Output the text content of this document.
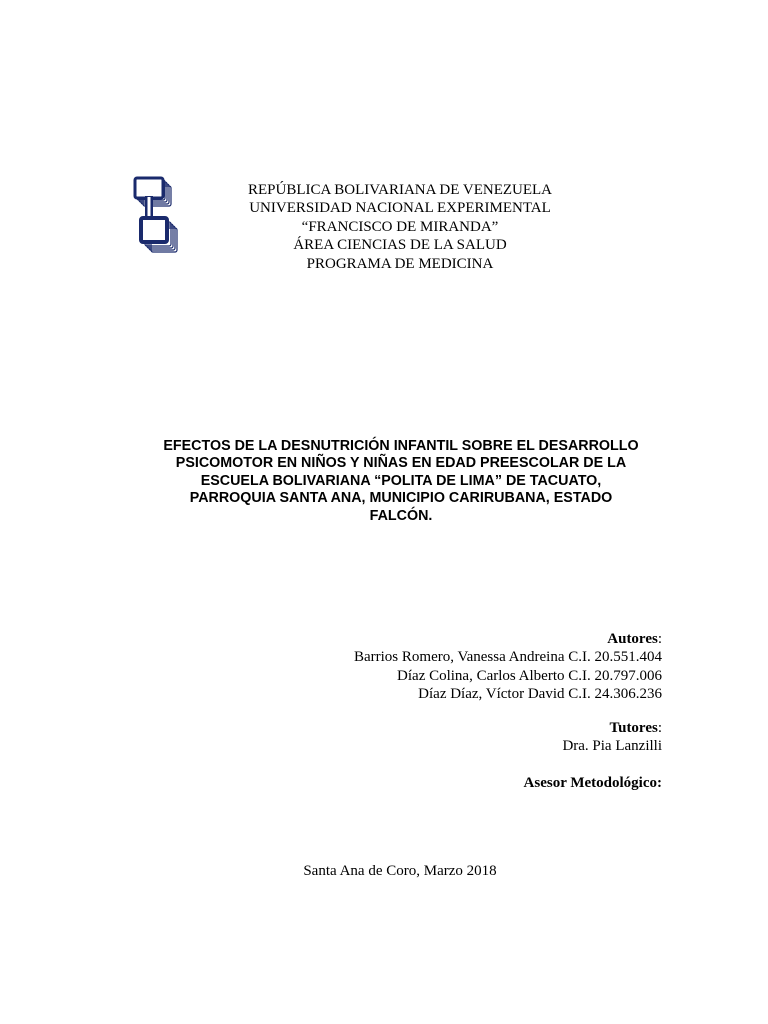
REPÚBLICA BOLIVARIANA DE VENEZUELA
UNIVERSIDAD NACIONAL EXPERIMENTAL
“FRANCISCO DE MIRANDA”
ÁREA CIENCIAS DE LA SALUD
PROGRAMA DE MEDICINA
EFECTOS DE LA DESNUTRICIÓN INFANTIL SOBRE EL DESARROLLO
PSICOMOTOR EN NIÑOS Y NIÑAS EN EDAD PREESCOLAR DE LA
ESCUELA BOLIVARIANA “POLITA DE LIMA” DE TACUATO,
PARROQUIA SANTA ANA, MUNICIPIO CARIRUBANA, ESTADO
FALCÓN.
Autores:
Barrios Romero, Vanessa Andreina C.I. 20.551.404
Díaz Colina, Carlos Alberto C.I. 20.797.006
Díaz Díaz, Víctor David C.I. 24.306.236
Tutores:
Dra. Pia Lanzilli
Asesor Metodológico:
Santa Ana de Coro, Marzo 2018
